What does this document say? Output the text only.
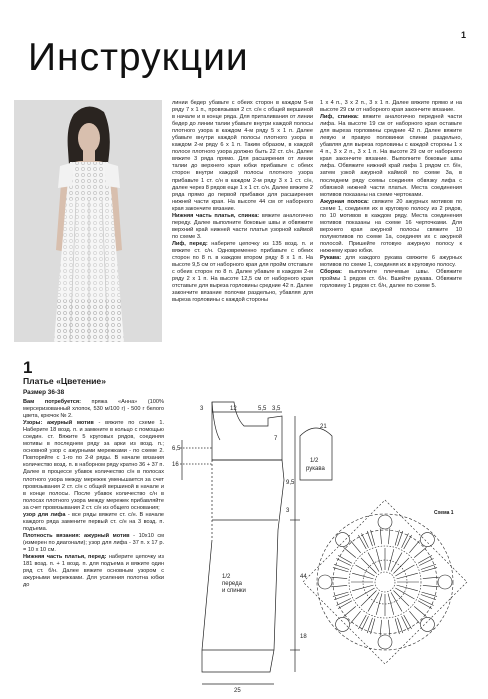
Инструкции
1
1
Платье «Цветение»
Размер 36-38

Вам потребуется: пряжа «Анна» (100% мерсеризованный хлопок, 530 м/100 г) - 500 г белого цвета, крючок № 2.

Узоры: ажурный мотив - вяжите по схеме 1. Наберите 18 возд. п. и замкните в кольцо с помощью соедин. ст. Вяжите 5 круговых рядов, соединяя мотивы в последнем ряду за арки из возд. п.; основной узор с ажурными мережками - по схеме 2. Повторяйте с 1-го по 2-й ряды. В начале вязания количество возд. п. в наборном ряду кратно 36 + 37 п. Далее в процессе убавок количество с/н в полосах плотного узора между мережек уменьшается за счет провязывания 2 ст. с/н с общей вершиной в начале и в конце полосы. После убавок количество с/н в полосах плотного узора между мережек прибавляйте за счет провязывания 2 ст. с/н из общего основания;

узор для лифа - все ряды вяжите ст. с/н. В начале каждого ряда замените первый ст. с/н на 3 возд. п. подъема.

Плотность вязания: ажурный мотив - 10х10 см (измерен по диагонали); узор для лифа - 37 п. х 17 р. = 10 х 10 см.

Нижняя часть платья, перед: наберите цепочку из 181 возд. п. + 1 возд. п. для подъема и вяжите один ряд ст. б/н. Далее вяжите основным узором с ажурными мережками. Для усиления полотна юбки до

линии бедер убавьте с обеих сторон в каждом 5-м ряду 7 х 1 п., провязывая 2 ст. с/н с общей вершиной в начале и в конце ряда. Для приталивания от линии бедер до линии талии убавьте внутри каждой полосы плотного узора в каждом 4-м ряду 5 х 1 п. Далее убавьте внутри каждой полосы плотного узора в каждом 2-м ряду 6 х 1 п. Таким образом, в каждой полосе плотного узора должно быть 22 ст. с/н. Далее вяжите 3 ряда прямо. Для расширения от линии талии до верхнего края юбки прибавьте с обеих сторон внутри каждой полосы плотного узора прибавьте 1 ст. с/н в каждом 2-м ряду 3 х 1 ст. с/н, далее через 8 рядов еще 1 х 1 ст. с/н. Далее вяжите 2 ряда прямо до первой прибавки для расширения нижней части края. На высоте 44 см от наборного края закончите вязание.

Нижняя часть платья, спинка: вяжите аналогично переду. Далее выполните боковые швы и обвяжите верхний край нижней части платья узорной каймой по схеме 3.

Лиф, перед: наберите цепочку из 135 возд. п. и вяжите ст. с/н. Одновременно прибавьте с обеих сторон по 8 п. в каждом втором ряду 8 х 1 п. На высоте 9,5 см от наборного края для пройм отставьте с обеих сторон по 8 п. Далее убавьте в каждом 2-м ряду 2 х 1 п. На высоте 12,5 см от наборного края отставьте для выреза горловины средние 42 п. Далее закончите вязание полочки раздельно, убавляя для выреза горловины с каждой стороны

1 х 4 п., 3 х 2 п., 3 х 1 п. Далее вяжите прямо и на высоте 29 см от наборного края закончите вязание.

Лиф, спинка: вяжите аналогично передней части лифа. На высоте 19 см от наборного края оставьте для выреза горловины средние 42 п. Далее вяжите левую и правую половинки спинки раздельно, убавляя для выреза горловины с каждой стороны 1 х 4 п., 3 х 2 п., 3 х 1 п. На высоте 29 см от наборного края закончите вязание. Выполните боковые швы лифа. Обвяжите нижний край лифа 1 рядом ст. б/н, затем узкой ажурной каймой по схеме 3а, в последнем ряду схемы соединяя обвязку лифа с обвязкой нижней части платья. Места соединения мотивов показаны на схеме чертоками.

Ажурная полоса: свяжите 20 ажурных мотивов по схеме 1, соединяя их в круговую полосу из 2 рядов, по 10 мотивов в каждом ряду. Места соединения мотивов показаны на схеме 16 черточками. Для верхнего края ажурной полосы свяжите 10 полумотивов по схеме 1а, соединяя их с ажурной полосой. Пришейте готовую ажурную полосу к нижнему краю юбки.

Рукава: для каждого рукава свяжите 6 ажурных мотивов по схеме 1, соединяя их в круговую полосу.

Сборка: выполните плечевые швы. Обвяжите проймы 1 рядом ст. б/н. Вшейте рукава. Обвяжите горловину 1 рядом ст. б/н, далее по схеме 5.

12	5,5 3,5
3
7
6,5
16
9,5
3
44
18
25
21
1/2
переда
и спинки
1/2
рукава
Схема 1
